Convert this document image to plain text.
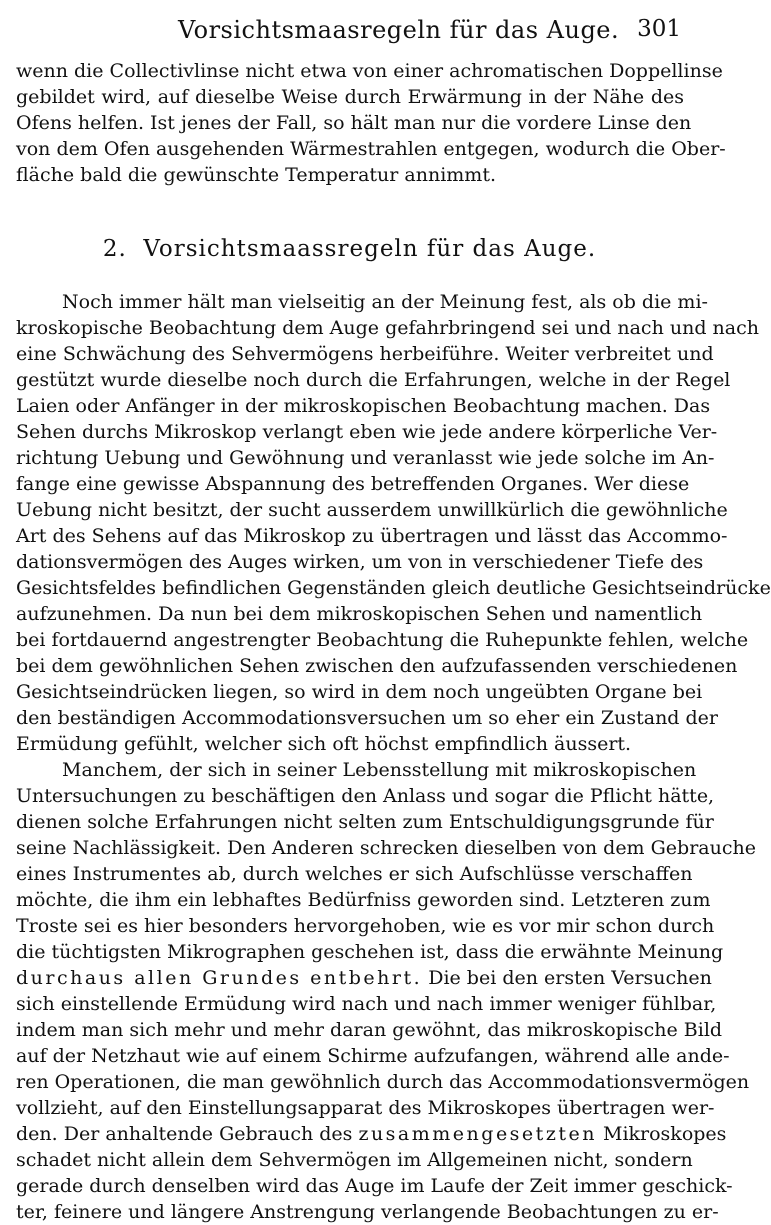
Vorsichtsmaasregeln für das Auge. 301
wenn die Collectivlinse nicht etwa von einer achromatischen Doppellinse
gebildet wird, auf dieselbe Weise durch Erwärmung in der Nähe des
Ofens helfen. Ist jenes der Fall, so hält man nur die vordere Linse den
von dem Ofen ausgehenden Wärmestrahlen entgegen, wodurch die Ober-
fläche bald die gewünschte Temperatur annimmt.
2. Vorsichtsmaassregeln für das Auge.
Noch immer hält man vielseitig an der Meinung fest, als ob die mi-
kroskopische Beobachtung dem Auge gefahrbringend sei und nach und nach
eine Schwächung des Sehvermögens herbeiführe. Weiter verbreitet und
gestützt wurde dieselbe noch durch die Erfahrungen, welche in der Regel
Laien oder Anfänger in der mikroskopischen Beobachtung machen. Das
Sehen durchs Mikroskop verlangt eben wie jede andere körperliche Ver-
richtung Uebung und Gewöhnung und veranlasst wie jede solche im An-
fange eine gewisse Abspannung des betreffenden Organes. Wer diese
Uebung nicht besitzt, der sucht ausserdem unwillkürlich die gewöhnliche
Art des Sehens auf das Mikroskop zu übertragen und lässt das Accommo-
dationsvermögen des Auges wirken, um von in verschiedener Tiefe des
Gesichtsfeldes befindlichen Gegenständen gleich deutliche Gesichtseindrücke
aufzunehmen. Da nun bei dem mikroskopischen Sehen und namentlich
bei fortdauernd angestrengter Beobachtung die Ruhepunkte fehlen, welche
bei dem gewöhnlichen Sehen zwischen den aufzufassenden verschiedenen
Gesichtseindrücken liegen, so wird in dem noch ungeübten Organe bei
den beständigen Accommodationsversuchen um so eher ein Zustand der
Ermüdung gefühlt, welcher sich oft höchst empfindlich äussert.
Manchem, der sich in seiner Lebensstellung mit mikroskopischen
Untersuchungen zu beschäftigen den Anlass und sogar die Pflicht hätte,
dienen solche Erfahrungen nicht selten zum Entschuldigungsgrunde für
seine Nachlässigkeit. Den Anderen schrecken dieselben von dem Gebrauche
eines Instrumentes ab, durch welches er sich Aufschlüsse verschaffen
möchte, die ihm ein lebhaftes Bedürfniss geworden sind. Letzteren zum
Troste sei es hier besonders hervorgehoben, wie es vor mir schon durch
die tüchtigsten Mikrographen geschehen ist, dass die erwähnte Meinung
durchaus allen Grundes entbehrt. Die bei den ersten Versuchen
sich einstellende Ermüdung wird nach und nach immer weniger fühlbar,
indem man sich mehr und mehr daran gewöhnt, das mikroskopische Bild
auf der Netzhaut wie auf einem Schirme aufzufangen, während alle ande-
ren Operationen, die man gewöhnlich durch das Accommodationsvermögen
vollzieht, auf den Einstellungsapparat des Mikroskopes übertragen wer-
den. Der anhaltende Gebrauch des zusammengesetzten Mikroskopes
schadet nicht allein dem Sehvermögen im Allgemeinen nicht, sondern
gerade durch denselben wird das Auge im Laufe der Zeit immer geschick-
ter, feinere und längere Anstrengung verlangende Beobachtungen zu er-
